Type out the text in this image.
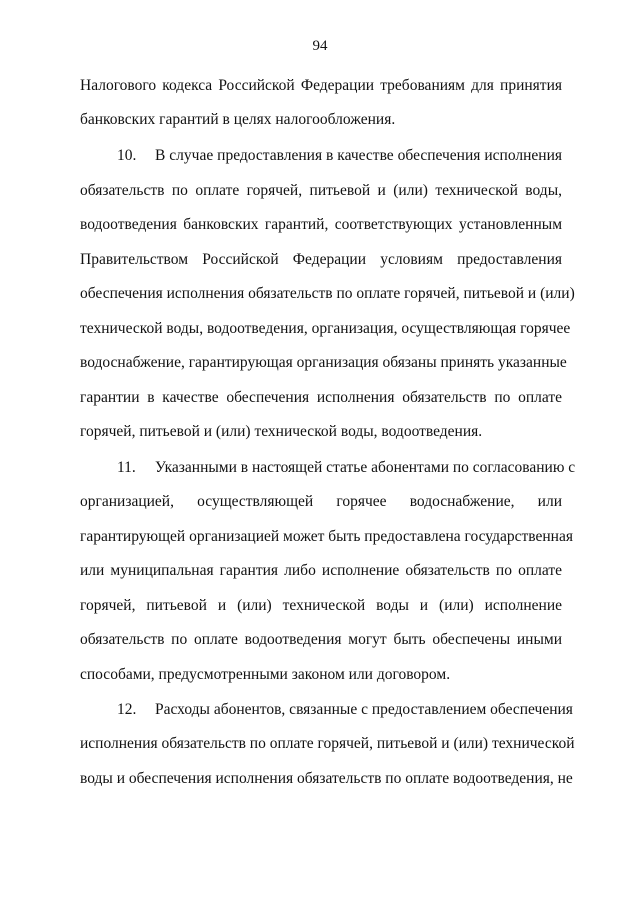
94
Налогового кодекса Российской Федерации требованиям для принятия
банковских гарантий в целях налогообложения.
10. В случае предоставления в качестве обеспечения исполнения
обязательств по оплате горячей, питьевой и (или) технической воды,
водоотведения банковских гарантий, соответствующих установленным
Правительством Российской Федерации условиям предоставления
обеспечения исполнения обязательств по оплате горячей, питьевой и (или)
технической воды, водоотведения, организация, осуществляющая горячее
водоснабжение, гарантирующая организация обязаны принять указанные
гарантии в качестве обеспечения исполнения обязательств по оплате
горячей, питьевой и (или) технической воды, водоотведения.
11. Указанными в настоящей статье абонентами по согласованию с
организацией, осуществляющей горячее водоснабжение, или
гарантирующей организацией может быть предоставлена государственная
или муниципальная гарантия либо исполнение обязательств по оплате
горячей, питьевой и (или) технической воды и (или) исполнение
обязательств по оплате водоотведения могут быть обеспечены иными
способами, предусмотренными законом или договором.
12. Расходы абонентов, связанные с предоставлением обеспечения
исполнения обязательств по оплате горячей, питьевой и (или) технической
воды и обеспечения исполнения обязательств по оплате водоотведения, не
